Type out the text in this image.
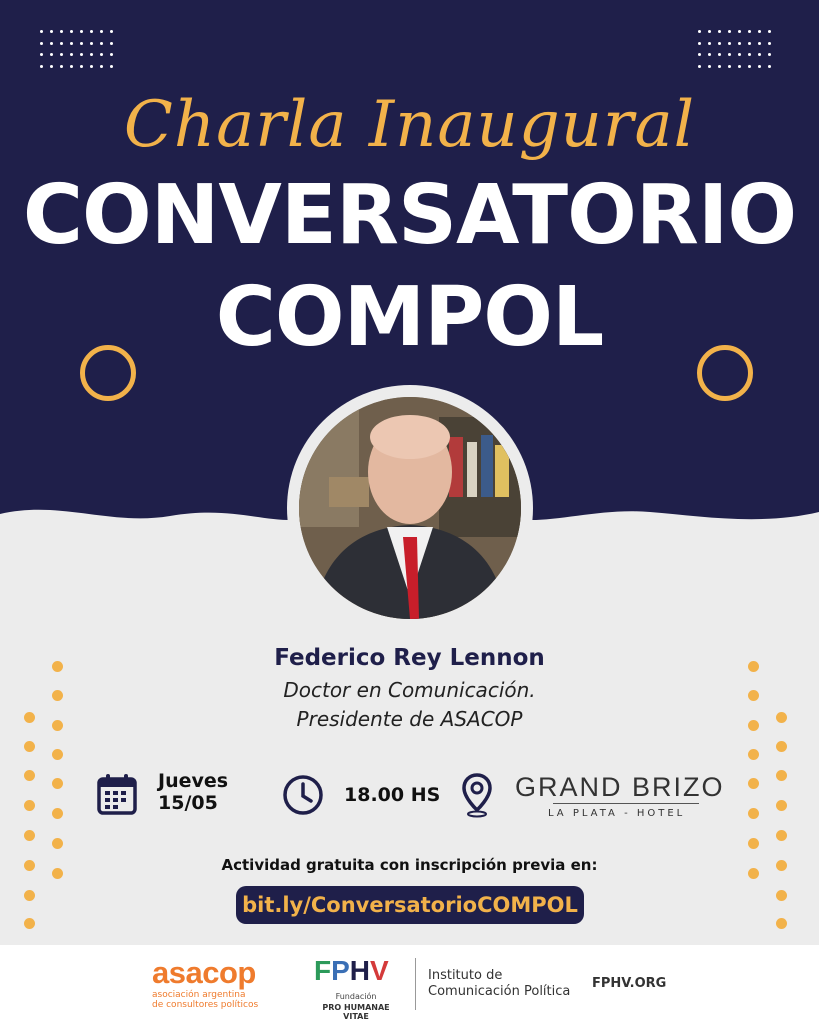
Charla Inaugural
CONVERSATORIO
COMPOL
Federico Rey Lennon
Doctor en Comunicación.
Presidente de ASACOP
Jueves
15/05	18.00 HS	GRAND BRIZO
LA PLATA - HOTEL
Actividad gratuita con inscripción previa en:
bit.ly/ConversatorioCOMPOL
asacop
asociación argentina
de consultores políticos
FPHV
Fundación
PRO HUMANAE VITAE
Instituto de
Comunicación Política
FPHV.ORG
